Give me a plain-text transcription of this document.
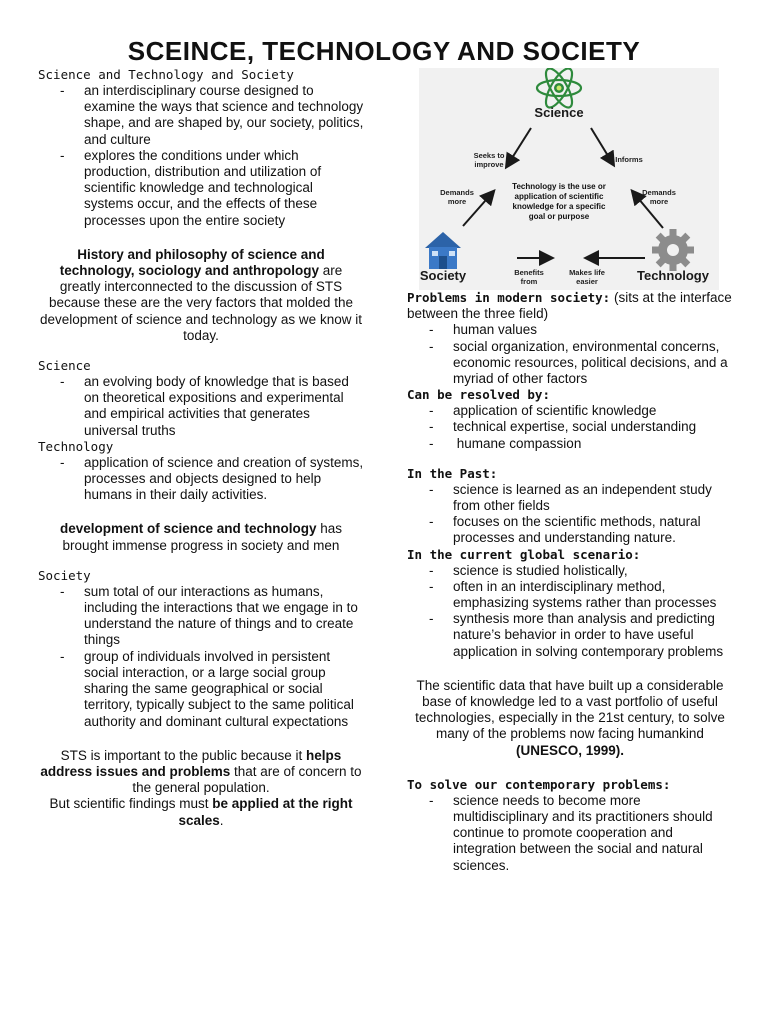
SCEINCE, TECHNOLOGY AND SOCIETY
Science and Technology and Society
- an interdisciplinary course designed to examine the ways that science and technology shape, and are shaped by, our society, politics, and culture
- explores the conditions under which production, distribution and utilization of scientific knowledge and technological systems occur, and the effects of these processes upon the entire society
History and philosophy of science and technology, sociology and anthropology are greatly interconnected to the discussion of STS because these are the very factors that molded the development of science and technology as we know it today.
Science
- an evolving body of knowledge that is based on theoretical expositions and experimental and empirical activities that generates universal truths
Technology
- application of science and creation of systems, processes and objects designed to help humans in their daily activities.
development of science and technology has brought immense progress in society and men
Society
- sum total of our interactions as humans, including the interactions that we engage in to understand the nature of things and to create things
- group of individuals involved in persistent social interaction, or a large social group sharing the same geographical or social territory, typically subject to the same political authority and dominant cultural expectations
STS is important to the public because it helps address issues and problems that are of concern to the general population.
But scientific findings must be applied at the right scales.
Science
Seeks to
improve
Informs
Demands
more
Demands
more
Benefits
from
Makes life
easier
Technology is the use or
application of scientific
knowledge for a specific
goal or purpose
Society	Technology
Problems in modern society: (sits at the interface between the three field)
- human values
- social organization, environmental concerns, economic resources, political decisions, and a myriad of other factors
Can be resolved by:
- application of scientific knowledge
- technical expertise, social understanding
-  humane compassion
In the Past:
- science is learned as an independent study from other fields
- focuses on the scientific methods, natural processes and understanding nature.
In the current global scenario:
- science is studied holistically,
- often in an interdisciplinary method, emphasizing systems rather than processes
- synthesis more than analysis and predicting nature’s behavior in order to have useful application in solving contemporary problems
The scientific data that have built up a considerable base of knowledge led to a vast portfolio of useful technologies, especially in the 21st century, to solve many of the problems now facing humankind (UNESCO, 1999).
To solve our contemporary problems:
- science needs to become more multidisciplinary and its practitioners should continue to promote cooperation and integration between the social and natural sciences.
